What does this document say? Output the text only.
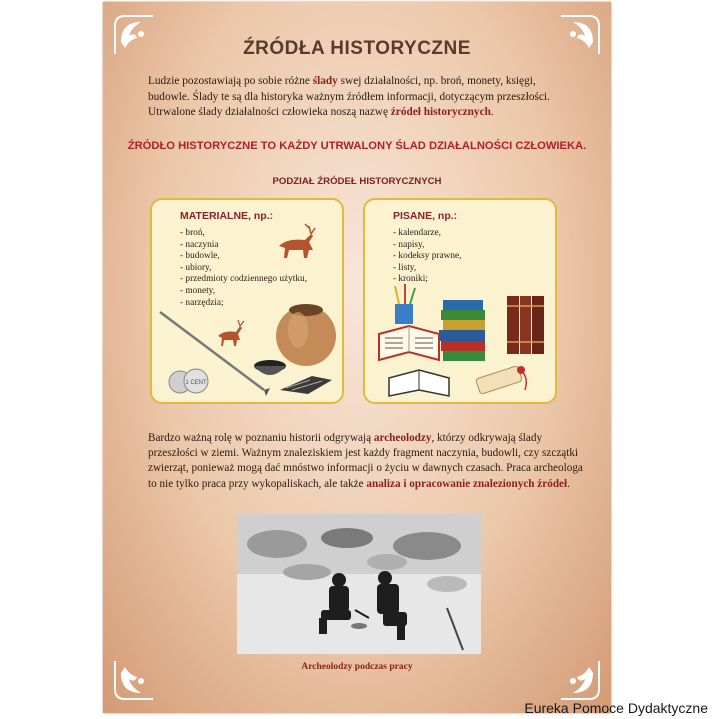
ŹRÓDŁA HISTORYCZNE
Ludzie pozostawiają po sobie różne ślady swej działalności, np. broń, monety, księgi, budowle. Ślady te są dla historyka ważnym źródłem informacji, dotyczącym przeszłości. Utrwalone ślady działalności człowieka noszą nazwę źródeł historycznych.
ŹRÓDŁO HISTORYCZNE TO KAŻDY UTRWALONY ŚLAD DZIAŁALNOŚCI CZŁOWIEKA.
PODZIAŁ ŹRÓDEŁ HISTORYCZNYCH
MATERIALNE, np.:
- broń,
- naczynia
- budowle,
- ubiory,
- przedmioty codziennego użytku,
- monety,
- narzędzia;
1 CENT
PISANE, np.:
- kalendarze,
- napisy,
- kodeksy prawne,
- listy,
- kroniki;
Bardzo ważną rolę w poznaniu historii odgrywają archeolodzy, którzy odkrywają ślady przeszłości w ziemi. Ważnym znaleziskiem jest każdy fragment naczynia, budowli, czy szczątki zwierząt, ponieważ mogą dać mnóstwo informacji o życiu w dawnych czasach. Praca archeologa to nie tylko praca przy wykopaliskach, ale także analiza i opracowanie znalezionych źródeł.
Archeolodzy podczas pracy
Eureka Pomoce Dydaktyczne
